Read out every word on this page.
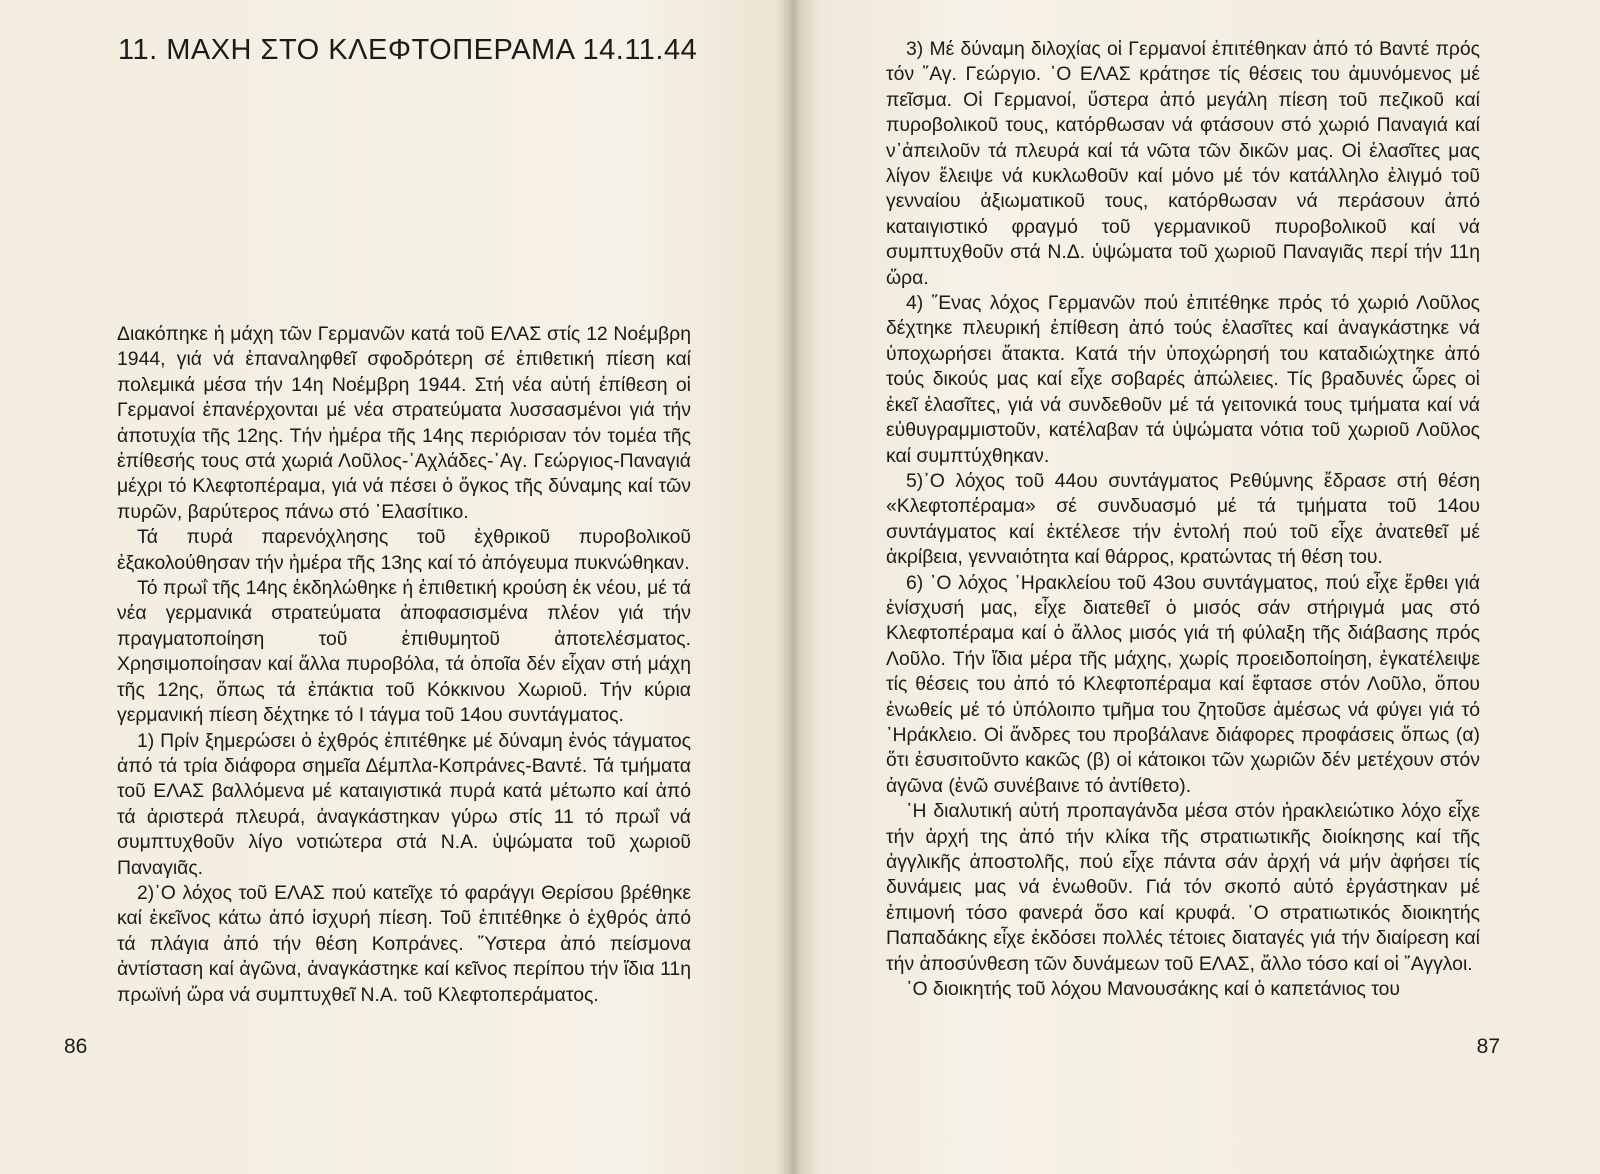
11. ΜΑΧΗ ΣΤΟ ΚΛΕΦΤΟΠΕΡΑΜΑ 14.11.44

Διακόπηκε ἡ μάχη τῶν Γερμανῶν κατά τοῦ ΕΛΑΣ στίς 12 Νοέμβρη 1944, γιά νά ἐπαναληφθεῖ σφοδρότερη σέ ἐπιθετική πίεση καί πολεμικά μέσα τήν 14η Νοέμβρη 1944. Στή νέα αὐτή ἐπίθεση οἱ Γερμανοί ἐπανέρχονται μέ νέα στρατεύματα λυσσασμένοι γιά τήν ἀποτυχία τῆς 12ης. Τήν ἡμέρα τῆς 14ης περιόρισαν τόν τομέα τῆς ἐπίθεσής τους στά χωριά Λοῦλος-᾿Αχλάδες-᾿Αγ. Γεώργιος-Παναγιά μέχρι τό Κλεφτοπέραμα, γιά νά πέσει ὁ ὄγκος τῆς δύναμης καί τῶν πυρῶν, βαρύτερος πάνω στό ᾿Ελασίτικο.

Τά πυρά παρενόχλησης τοῦ ἐχθρικοῦ πυροβολικοῦ ἐξακολούθησαν τήν ἡμέρα τῆς 13ης καί τό ἀπόγευμα πυκνώθηκαν.

Τό πρωΐ τῆς 14ης ἐκδηλώθηκε ἡ ἐπιθετική κρούση ἐκ νέου, μέ τά νέα γερμανικά στρατεύματα ἀποφασισμένα πλέον γιά τήν πραγματοποίηση τοῦ ἐπιθυμητοῦ ἀποτελέσματος. Χρησιμοποίησαν καί ἄλλα πυροβόλα, τά ὁποῖα δέν εἶχαν στή μάχη τῆς 12ης, ὅπως τά ἐπάκτια τοῦ Κόκκινου Χωριοῦ. Τήν κύρια γερμανική πίεση δέχτηκε τό Ι τάγμα τοῦ 14ου συντάγματος.

1) Πρίν ξημερώσει ὁ ἐχθρός ἐπιτέθηκε μέ δύναμη ἑνός τάγματος ἀπό τά τρία διάφορα σημεῖα Δέμπλα-Κοπράνες-Βαντέ. Τά τμήματα τοῦ ΕΛΑΣ βαλλόμενα μέ καταιγιστικά πυρά κατά μέτωπο καί ἀπό τά ἀριστερά πλευρά, ἀναγκάστηκαν γύρω στίς 11 τό πρωΐ νά συμπτυχθοῦν λίγο νοτιώτερα στά Ν.Α. ὑψώματα τοῦ χωριοῦ Παναγιᾶς.

2)᾿Ο λόχος τοῦ ΕΛΑΣ πού κατεῖχε τό φαράγγι Θερίσου βρέθηκε καί ἐκεῖνος κάτω ἀπό ἰσχυρή πίεση. Τοῦ ἐπιτέθηκε ὁ ἐχθρός ἀπό τά πλάγια ἀπό τήν θέση Κοπράνες. ῞Υστερα ἀπό πείσμονα ἀντίσταση καί ἀγῶνα, ἀναγκάστηκε καί κεῖνος περίπου τήν ἴδια 11η πρωϊνή ὥρα νά συμπτυχθεῖ Ν.Α. τοῦ Κλεφτοπεράματος.

86

3) Μέ δύναμη διλοχίας οἱ Γερμανοί ἐπιτέθηκαν ἀπό τό Βαντέ πρός τόν ῞Αγ. Γεώργιο. ᾿Ο ΕΛΑΣ κράτησε τίς θέσεις του ἀμυνόμενος μέ πεῖσμα. Οἱ Γερμανοί, ὕστερα ἀπό μεγάλη πίεση τοῦ πεζικοῦ καί πυροβολικοῦ τους, κατόρθωσαν νά φτάσουν στό χωριό Παναγιά καί ν᾿ἀπειλοῦν τά πλευρά καί τά νῶτα τῶν δικῶν μας. Οἱ ἐλασῖτες μας λίγον ἔλειψε νά κυκλωθοῦν καί μόνο μέ τόν κατάλληλο ἐλιγμό τοῦ γενναίου ἀξιωματικοῦ τους, κατόρθωσαν νά περάσουν ἀπό καταιγιστικό φραγμό τοῦ γερμανικοῦ πυροβολικοῦ καί νά συμπτυχθοῦν στά Ν.Δ. ὑψώματα τοῦ χωριοῦ Παναγιᾶς περί τήν 11η ὥρα.

4) ῞Ενας λόχος Γερμανῶν πού ἐπιτέθηκε πρός τό χωριό Λοῦλος δέχτηκε πλευρική ἐπίθεση ἀπό τούς ἐλασῖτες καί ἀναγκάστηκε νά ὑποχωρήσει ἄτακτα. Κατά τήν ὑποχώρησή του καταδιώχτηκε ἀπό τούς δικούς μας καί εἶχε σοβαρές ἀπώλειες. Τίς βραδυνές ὧρες οἱ ἐκεῖ ἐλασῖτες, γιά νά συνδεθοῦν μέ τά γειτονικά τους τμήματα καί νά εὐθυγραμμιστοῦν, κατέλαβαν τά ὑψώματα νότια τοῦ χωριοῦ Λοῦλος καί συμπτύχθηκαν.

5)᾿Ο λόχος τοῦ 44ου συντάγματος Ρεθύμνης ἔδρασε στή θέση «Κλεφτοπέραμα» σέ συνδυασμό μέ τά τμήματα τοῦ 14ου συντάγματος καί ἐκτέλεσε τήν ἐντολή πού τοῦ εἶχε ἀνατεθεῖ μέ ἀκρίβεια, γενναιότητα καί θάρρος, κρατώντας τή θέση του.

6) ᾿Ο λόχος ᾿Ηρακλείου τοῦ 43ου συντάγματος, πού εἶχε ἔρθει γιά ἐνίσχυσή μας, εἶχε διατεθεῖ ὁ μισός σάν στήριγμά μας στό Κλεφτοπέραμα καί ὁ ἄλλος μισός γιά τή φύλαξη τῆς διάβασης πρός Λοῦλο. Τήν ἴδια μέρα τῆς μάχης, χωρίς προειδοποίηση, ἐγκατέλειψε τίς θέσεις του ἀπό τό Κλεφτοπέραμα καί ἔφτασε στόν Λοῦλο, ὅπου ἑνωθείς μέ τό ὑπόλοιπο τμῆμα του ζητοῦσε ἀμέσως νά φύγει γιά τό ᾿Ηράκλειο. Οἱ ἄνδρες του προβάλανε διάφορες προφάσεις ὅπως (α) ὅτι ἐσυσιτοῦντο κακῶς (β) οἱ κάτοικοι τῶν χωριῶν δέν μετέχουν στόν ἀγῶνα (ἐνῶ συνέβαινε τό ἀντίθετο).

᾿Η διαλυτική αὐτή προπαγάνδα μέσα στόν ἡρακλειώτικο λόχο εἶχε τήν ἀρχή της ἀπό τήν κλίκα τῆς στρατιωτικῆς διοίκησης καί τῆς ἀγγλικῆς ἀποστολῆς, πού εἶχε πάντα σάν ἀρχή νά μήν ἀφήσει τίς δυνάμεις μας νά ἑνωθοῦν. Γιά τόν σκοπό αὐτό ἐργάστηκαν μέ ἐπιμονή τόσο φανερά ὅσο καί κρυφά. ᾿Ο στρατιωτικός διοικητής Παπαδάκης εἶχε ἐκδόσει πολλές τέτοιες διαταγές γιά τήν διαίρεση καί τήν ἀποσύνθεση τῶν δυνάμεων τοῦ ΕΛΑΣ, ἄλλο τόσο καί οἱ ῎Αγγλοι.

᾿Ο διοικητής τοῦ λόχου Μανουσάκης καί ὁ καπετάνιος του

87
